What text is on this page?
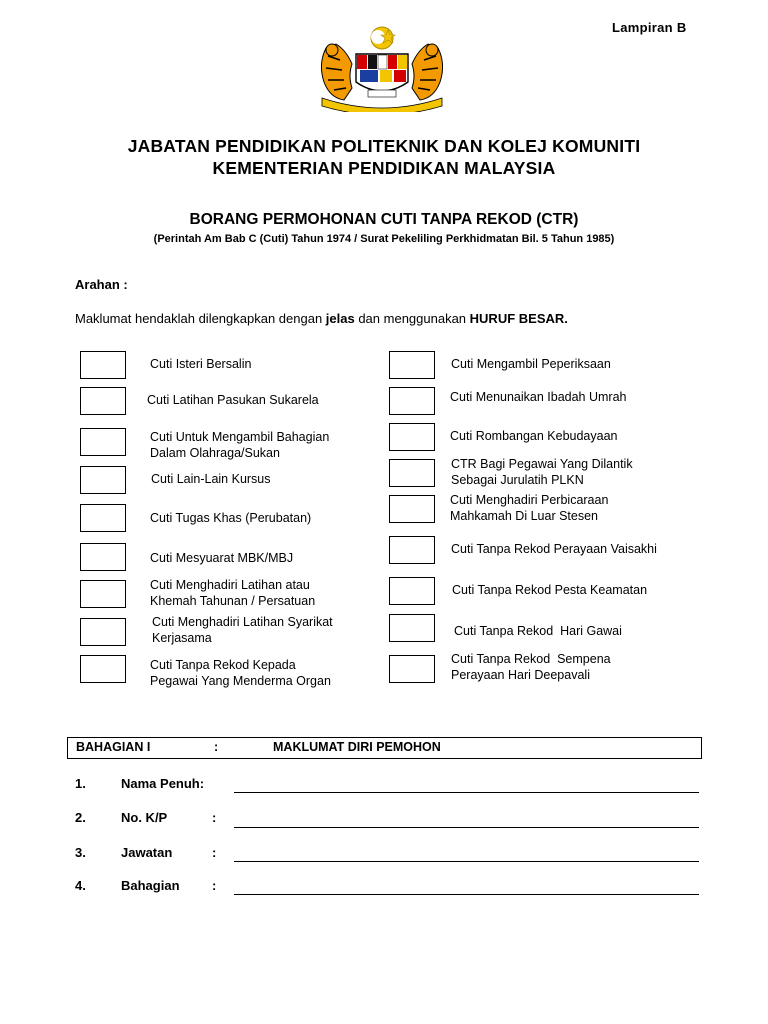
Lampiran B
JABATAN PENDIDIKAN POLITEKNIK DAN KOLEJ KOMUNITI
KEMENTERIAN PENDIDIKAN MALAYSIA
BORANG PERMOHONAN CUTI TANPA REKOD (CTR)
(Perintah Am Bab C (Cuti) Tahun 1974 / Surat Pekeliling Perkhidmatan Bil. 5 Tahun 1985)
Arahan :
Maklumat hendaklah dilengkapkan dengan jelas dan menggunakan HURUF BESAR.
Cuti Isteri Bersalin
Cuti Latihan Pasukan Sukarela
Cuti Untuk Mengambil Bahagian
Dalam Olahraga/Sukan
Cuti Lain-Lain Kursus
Cuti Tugas Khas (Perubatan)
Cuti Mesyuarat MBK/MBJ
Cuti Menghadiri Latihan atau
Khemah Tahunan / Persatuan
Cuti Menghadiri Latihan Syarikat
Kerjasama
Cuti Tanpa Rekod Kepada
Pegawai Yang Menderma Organ
Cuti Mengambil Peperiksaan
Cuti Menunaikan Ibadah Umrah
Cuti Rombangan Kebudayaan
CTR Bagi Pegawai Yang Dilantik
Sebagai Jurulatih PLKN
Cuti Menghadiri Perbicaraan
Mahkamah Di Luar Stesen
Cuti Tanpa Rekod Perayaan Vaisakhi
Cuti Tanpa Rekod Pesta Keamatan
Cuti Tanpa Rekod  Hari Gawai
Cuti Tanpa Rekod  Sempena
Perayaan Hari Deepavali
BAHAGIAN I	:	MAKLUMAT DIRI PEMOHON
1.	Nama Penuh:
2.	No. K/P	:
3.	Jawatan	:
4.	Bahagian :
